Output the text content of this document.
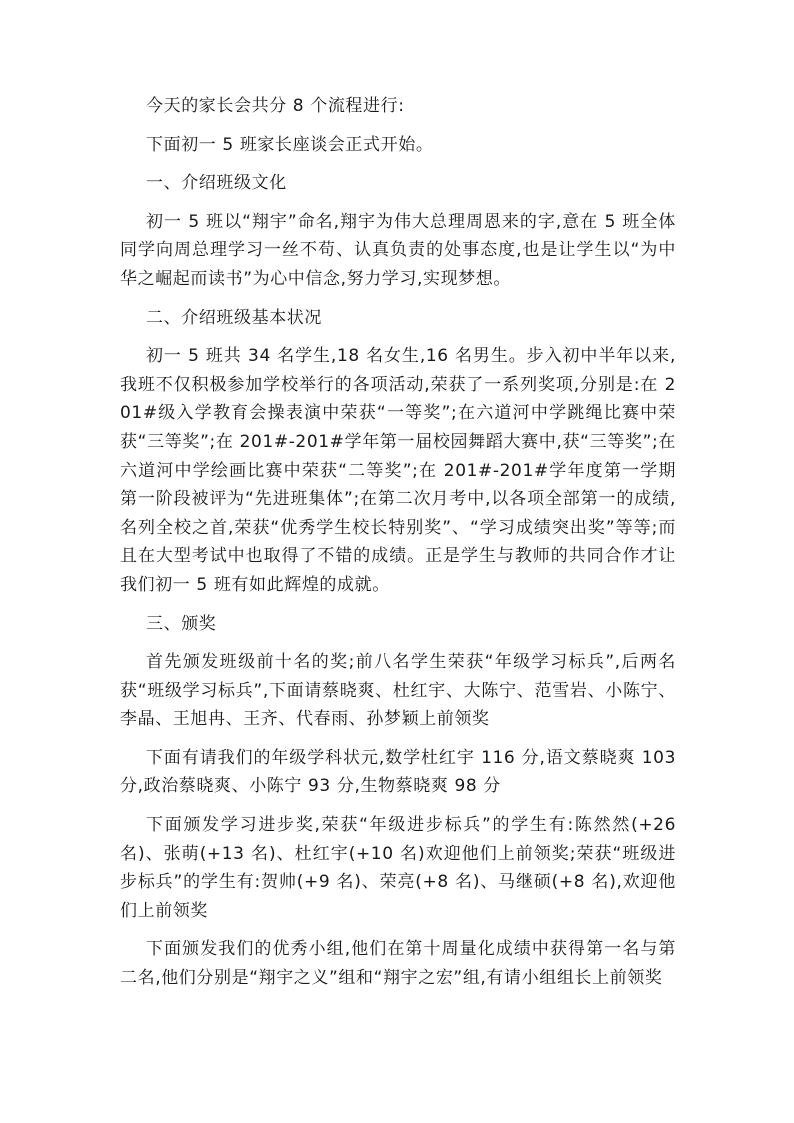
今天的家长会共分 8 个流程进行:

下面初一 5 班家长座谈会正式开始。

一、介绍班级文化

初一 5 班以“翔宇”命名,翔宇为伟大总理周恩来的字,意在 5 班全体同学向周总理学习一丝不苟、认真负责的处事态度,也是让学生以“为中华之崛起而读书”为心中信念,努力学习,实现梦想。

二、介绍班级基本状况

初一 5 班共 34 名学生,18 名女生,16 名男生。步入初中半年以来,我班不仅积极参加学校举行的各项活动,荣获了一系列奖项,分别是:在 201#级入学教育会操表演中荣获“一等奖”;在六道河中学跳绳比赛中荣获“三等奖”;在 201#-201#学年第一届校园舞蹈大赛中,获“三等奖”;在六道河中学绘画比赛中荣获“二等奖”;在 201#-201#学年度第一学期第一阶段被评为“先进班集体”;在第二次月考中,以各项全部第一的成绩,名列全校之首,荣获“优秀学生校长特别奖”、“学习成绩突出奖”等等;而且在大型考试中也取得了不错的成绩。正是学生与教师的共同合作才让我们初一 5 班有如此辉煌的成就。

三、颁奖

首先颁发班级前十名的奖;前八名学生荣获“年级学习标兵”,后两名获“班级学习标兵”,下面请蔡晓爽、杜红宇、大陈宁、范雪岩、小陈宁、李晶、王旭冉、王齐、代春雨、孙梦颖上前领奖

下面有请我们的年级学科状元,数学杜红宇 116 分,语文蔡晓爽 103 分,政治蔡晓爽、小陈宁 93 分,生物蔡晓爽 98 分

下面颁发学习进步奖,荣获“年级进步标兵”的学生有:陈然然(+26 名)、张萌(+13 名)、杜红宇(+10 名)欢迎他们上前领奖;荣获“班级进步标兵”的学生有:贺帅(+9 名)、荣亮(+8 名)、马继硕(+8 名),欢迎他们上前领奖

下面颁发我们的优秀小组,他们在第十周量化成绩中获得第一名与第二名,他们分别是“翔宇之义”组和“翔宇之宏”组,有请小组组长上前领奖
